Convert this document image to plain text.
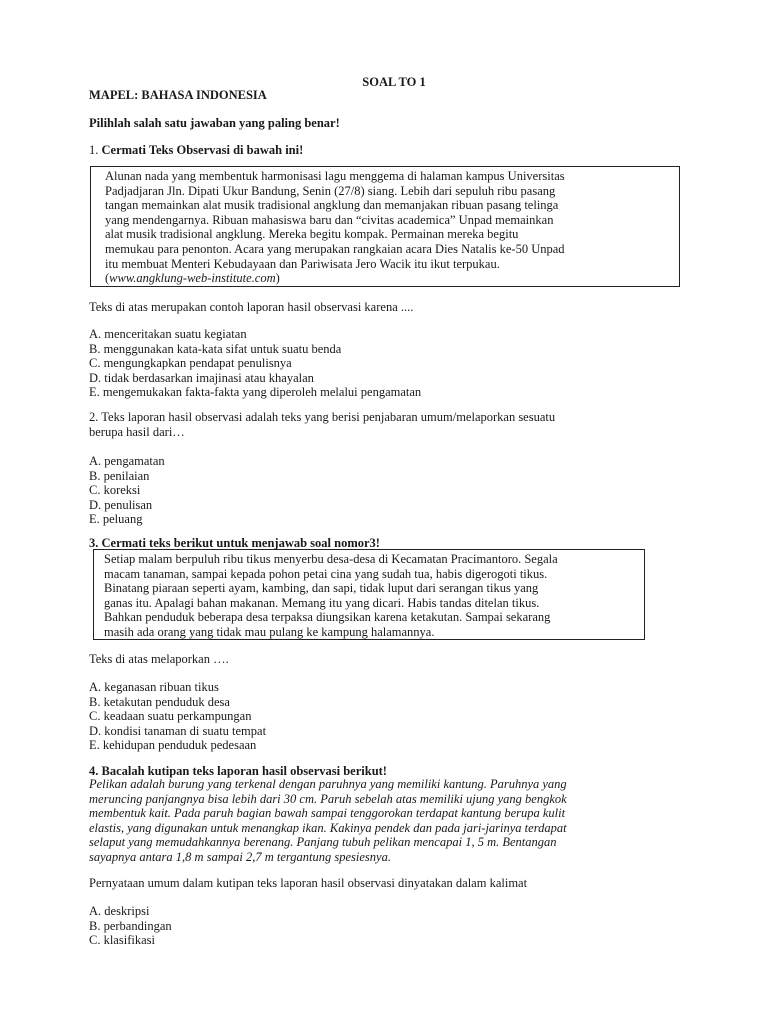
SOAL TO 1
MAPEL: BAHASA INDONESIA
Pilihlah salah satu jawaban yang paling benar!
1. Cermati Teks Observasi di bawah ini!
Alunan nada yang membentuk harmonisasi lagu menggema di halaman kampus Universitas
Padjadjaran Jln. Dipati Ukur Bandung, Senin (27/8) siang. Lebih dari sepuluh ribu pasang
tangan memainkan alat musik tradisional angklung dan memanjakan ribuan pasang telinga
yang mendengarnya. Ribuan mahasiswa baru dan “civitas academica” Unpad memainkan
alat musik tradisional angklung. Mereka begitu kompak. Permainan mereka begitu
memukau para penonton. Acara yang merupakan rangkaian acara Dies Natalis ke-50 Unpad
itu membuat Menteri Kebudayaan dan Pariwisata Jero Wacik itu ikut terpukau.
(www.angklung-web-institute.com)
Teks di atas merupakan contoh laporan hasil observasi karena ....
A. menceritakan suatu kegiatan
B. menggunakan kata-kata sifat untuk suatu benda
C. mengungkapkan pendapat penulisnya
D. tidak berdasarkan imajinasi atau khayalan
E. mengemukakan fakta-fakta yang diperoleh melalui pengamatan
2. Teks laporan hasil observasi adalah teks yang berisi penjabaran umum/melaporkan sesuatu
berupa hasil dari…
A. pengamatan
B. penilaian
C. koreksi
D. penulisan
E. peluang
3. Cermati teks berikut untuk menjawab soal nomor3!
Setiap malam berpuluh ribu tikus menyerbu desa-desa di Kecamatan Pracimantoro. Segala
macam tanaman, sampai kepada pohon petai cina yang sudah tua, habis digerogoti tikus.
Binatang piaraan seperti ayam, kambing, dan sapi, tidak luput dari serangan tikus yang
ganas itu. Apalagi bahan makanan. Memang itu yang dicari. Habis tandas ditelan tikus.
Bahkan penduduk beberapa desa terpaksa diungsikan karena ketakutan. Sampai sekarang
masih ada orang yang tidak mau pulang ke kampung halamannya.
Teks di atas melaporkan ….
A. keganasan ribuan tikus
B. ketakutan penduduk desa
C. keadaan suatu perkampungan
D. kondisi tanaman di suatu tempat
E. kehidupan penduduk pedesaan
4. Bacalah kutipan teks laporan hasil observasi berikut!
Pelikan adalah burung yang terkenal dengan paruhnya yang memiliki kantung. Paruhnya yang
meruncing panjangnya bisa lebih dari 30 cm. Paruh sebelah atas memiliki ujung yang bengkok
membentuk kait. Pada paruh bagian bawah sampai tenggorokan terdapat kantung berupa kulit
elastis, yang digunakan untuk menangkap ikan. Kakinya pendek dan pada jari-jarinya terdapat
selaput yang memudahkannya berenang. Panjang tubuh pelikan mencapai 1, 5 m. Bentangan
sayapnya antara 1,8 m sampai 2,7 m tergantung spesiesnya.
Pernyataan umum dalam kutipan teks laporan hasil observasi dinyatakan dalam kalimat
A. deskripsi
B. perbandingan
C. klasifikasi
